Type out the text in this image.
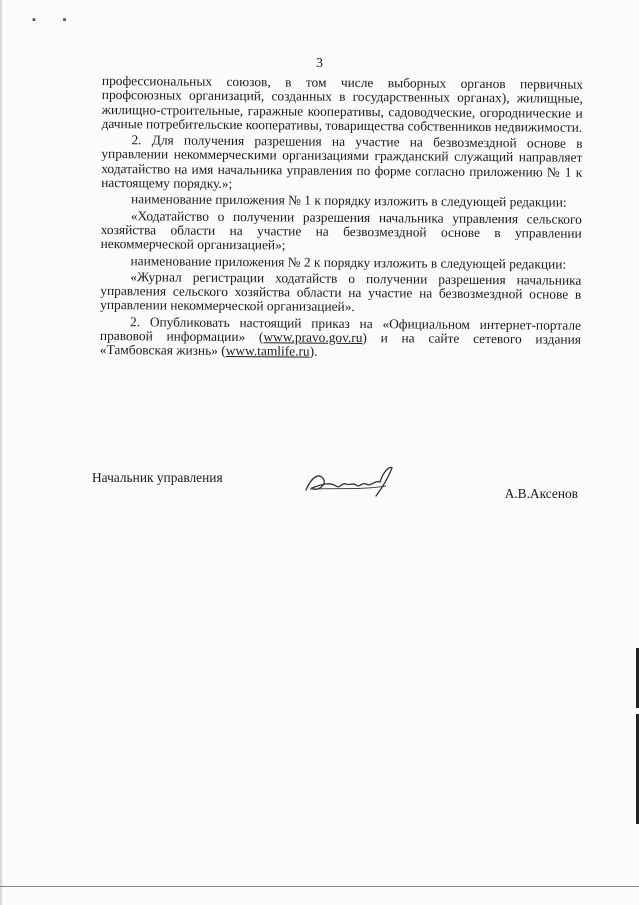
▪ ▪
3

профессиональных союзов, в том числе выборных органов первичных профсоюзных организаций, созданных в государственных органах), жилищные, жилищно-строительные, гаражные кооперативы, садоводческие, огороднические и дачные потребительские кооперативы, товарищества собственников недвижимости.

2. Для получения разрешения на участие на безвозмездной основе в управлении некоммерческими организациями гражданский служащий направляет ходатайство на имя начальника управления по форме согласно приложению № 1 к настоящему порядку.»;

наименование приложения № 1 к порядку изложить в следующей редакции:

«Ходатайство о получении разрешения начальника управления сельского хозяйства области на участие на безвозмездной основе в управлении некоммерческой организацией»;

наименование приложения № 2 к порядку изложить в следующей редакции:

«Журнал регистрации ходатайств о получении разрешения начальника управления сельского хозяйства области на участие на безвозмездной основе в управлении некоммерческой организацией».

2. Опубликовать настоящий приказ на «Официальном интернет-портале правовой информации» (www.pravo.gov.ru) и на сайте сетевого издания «Тамбовская жизнь» (www.tamlife.ru).

Начальник управления
А.В.Аксенов
